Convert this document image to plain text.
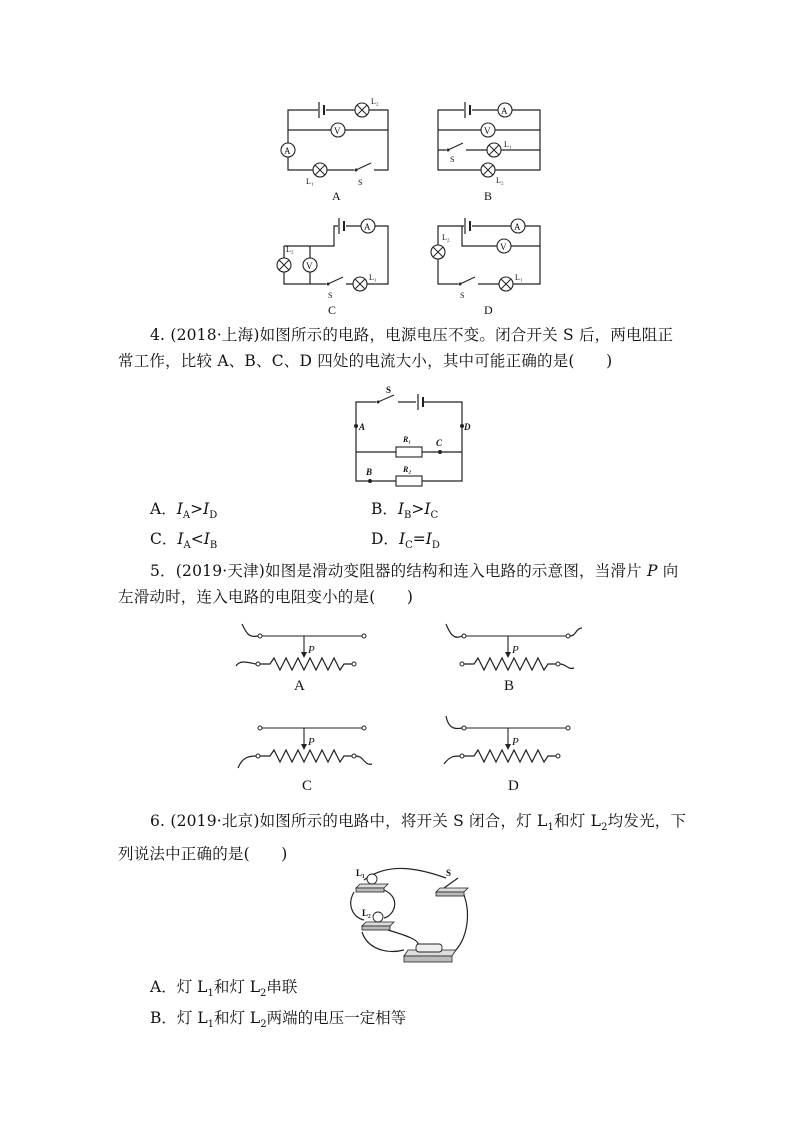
L₂
V
A
L₁	S
A
A
V
S
L₁
L₂
B
A
L₂
V
S
L₁
C
A
V
L₂
S
L₁
D
4. (2018·上海)如图所示的电路，电源电压不变。闭合开关 S 后，两电阻正
常工作，比较 A、B、C、D 四处的电流大小，其中可能正确的是(　　)
S
A	D
R₁	C
R₂
B
A．$I_A>I_D$	B．$I_B>I_C$
C．$I_A<I_B$	D．$I_C=I_D$
5．(2019·天津)如图是滑动变阻器的结构和连入电路的示意图，当滑片 P 向
左滑动时，连入电路的电阻变小的是(　　)
P
A
P
B
P
C
P
D
6. (2019·北京)如图所示的电路中，将开关 S 闭合，灯 $L_1$和灯 $L_2$均发光，下
列说法中正确的是(　　)
L₁
L₂
S
A．灯 $L_1$和灯 $L_2$串联
B．灯 $L_1$和灯 $L_2$两端的电压一定相等
